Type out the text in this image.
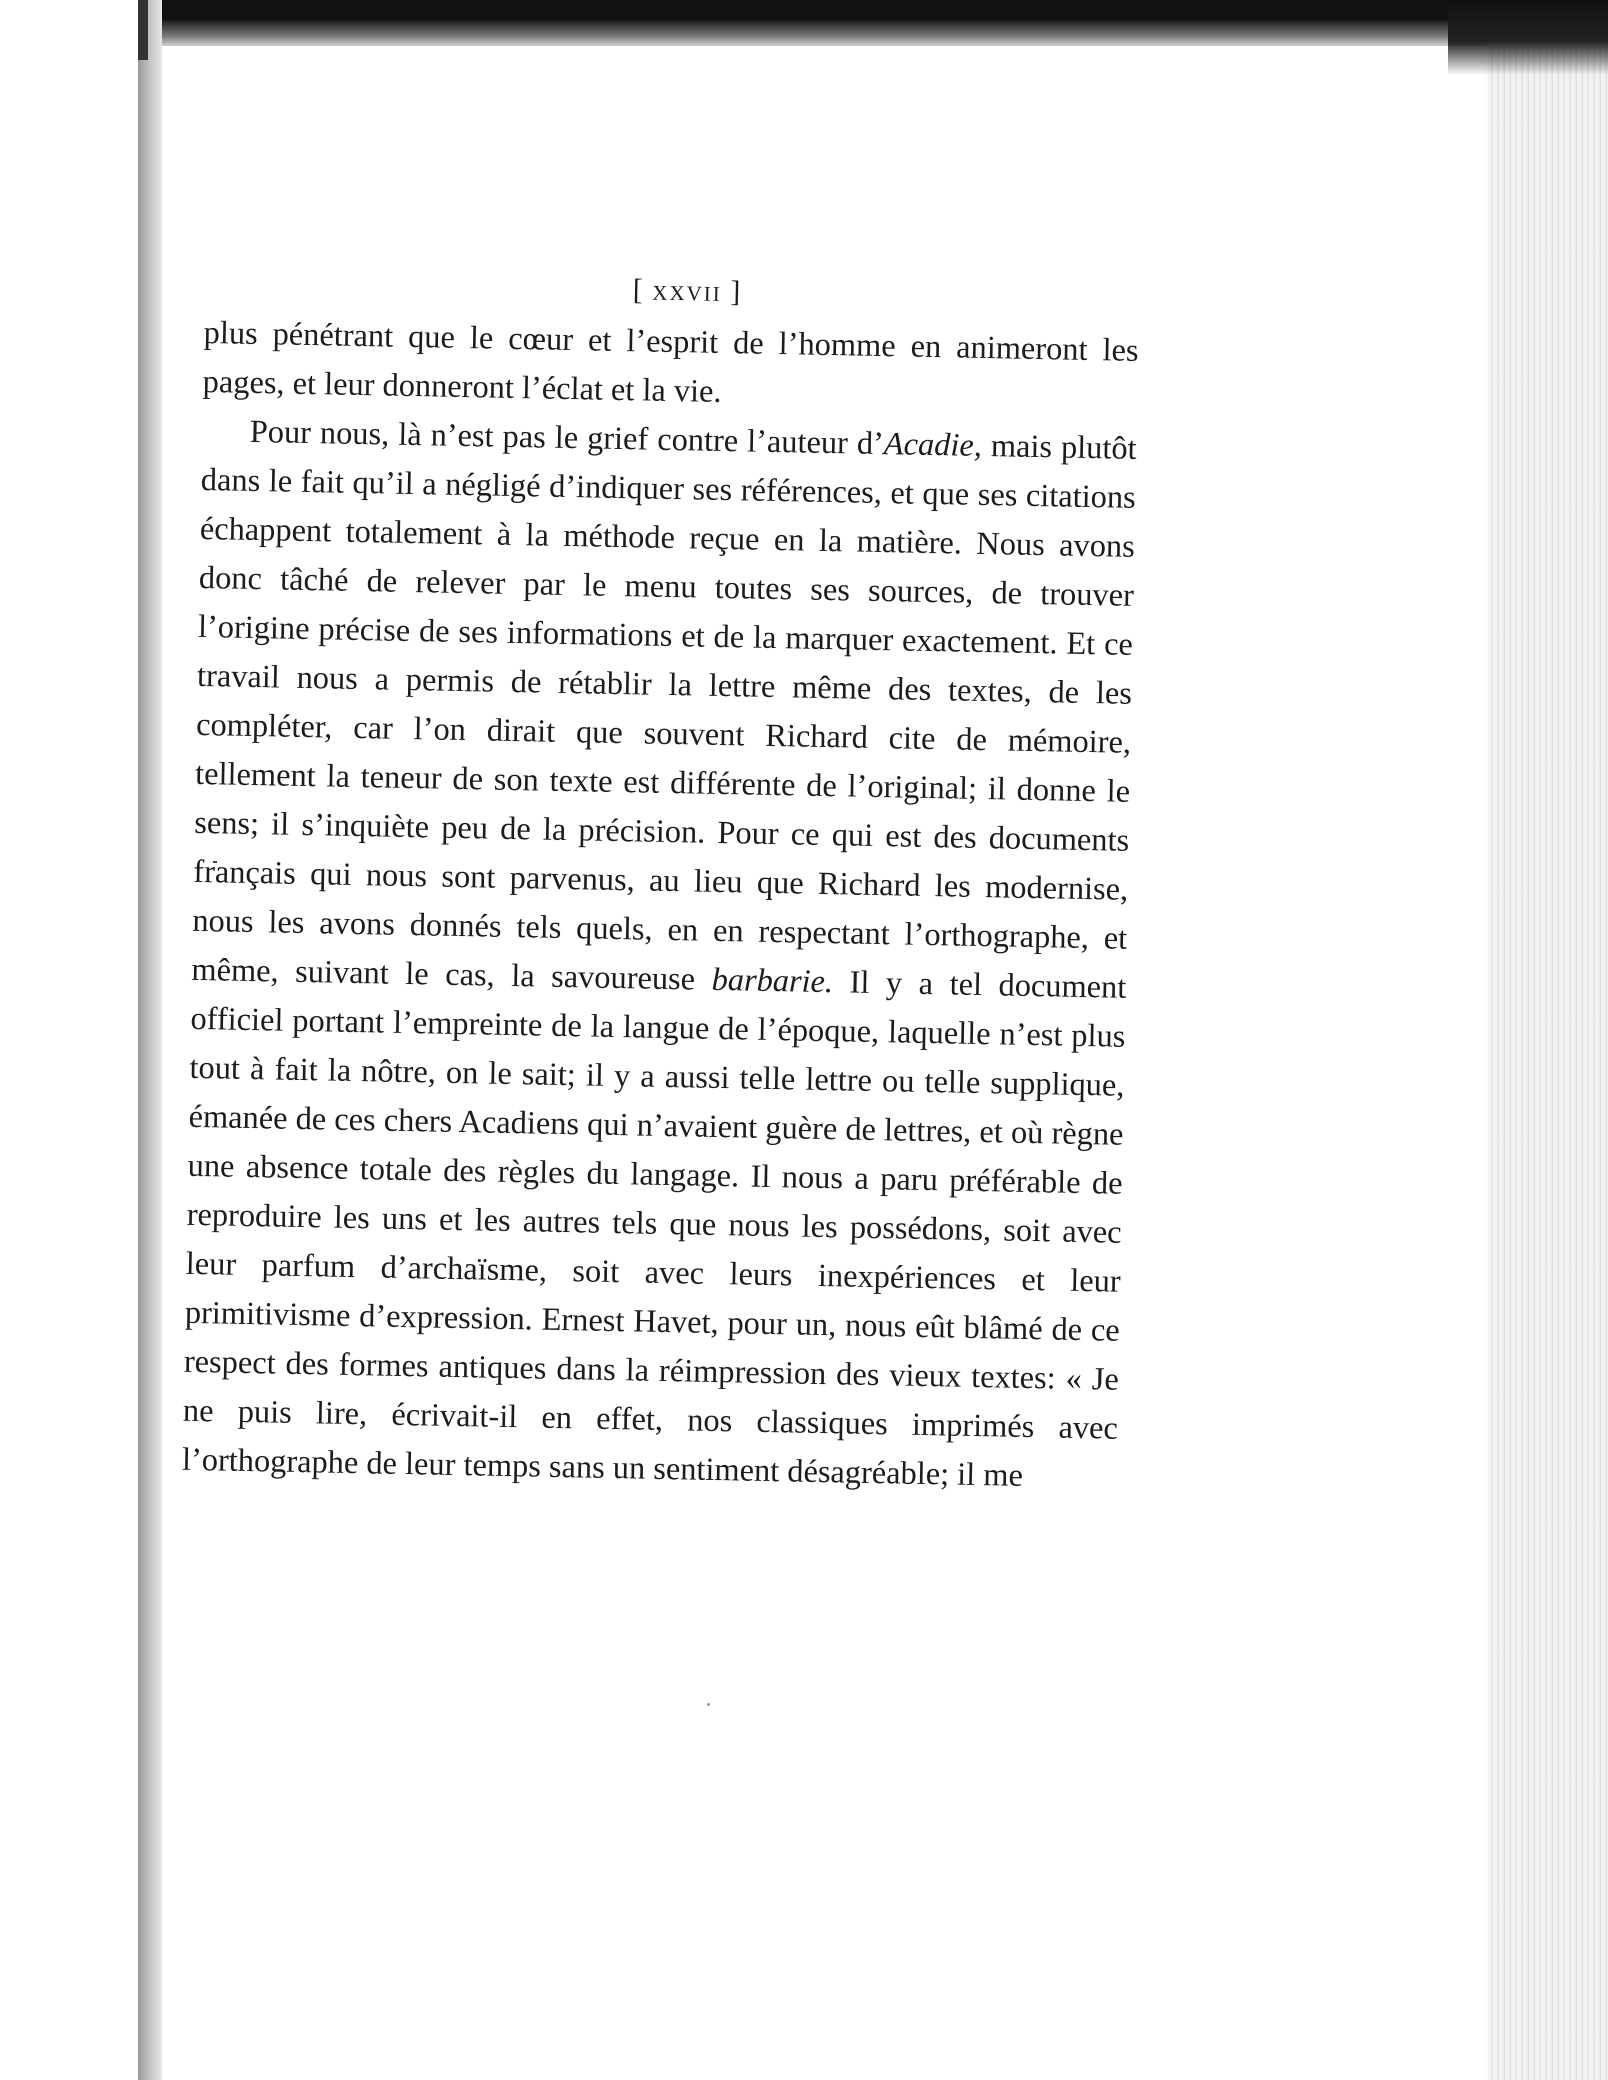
[ xxvii ]

plus pénétrant que le cœur et l’esprit de l’homme en animeront les pages, et leur donneront l’éclat et la vie.

Pour nous, là n’est pas le grief contre l’auteur d’Acadie, mais plutôt dans le fait qu’il a négligé d’indiquer ses références, et que ses citations échappent totalement à la méthode reçue en la matière. Nous avons donc tâché de relever par le menu toutes ses sources, de trouver l’origine précise de ses informations et de la marquer exactement. Et ce travail nous a permis de rétablir la lettre même des textes, de les compléter, car l’on dirait que souvent Richard cite de mémoire, tellement la teneur de son texte est différente de l’original; il donne le sens; il s’inquiète peu de la précision. Pour ce qui est des documents français qui nous sont parvenus, au lieu que Richard les modernise, nous les avons donnés tels quels, en en respectant l’orthographe, et même, suivant le cas, la savoureuse barbarie. Il y a tel document officiel portant l’empreinte de la langue de l’époque, laquelle n’est plus tout à fait la nôtre, on le sait; il y a aussi telle lettre ou telle supplique, émanée de ces chers Acadiens qui n’avaient guère de lettres, et où règne une absence totale des règles du langage. Il nous a paru préférable de reproduire les uns et les autres tels que nous les possédons, soit avec leur parfum d’archaïsme, soit avec leurs inexpériences et leur primitivisme d’expression. Ernest Havet, pour un, nous eût blâmé de ce respect des formes antiques dans la réimpression des vieux textes: « Je ne puis lire, écrivait-il en effet, nos classiques imprimés avec l’orthographe de leur temps sans un sentiment désagréable; il me
